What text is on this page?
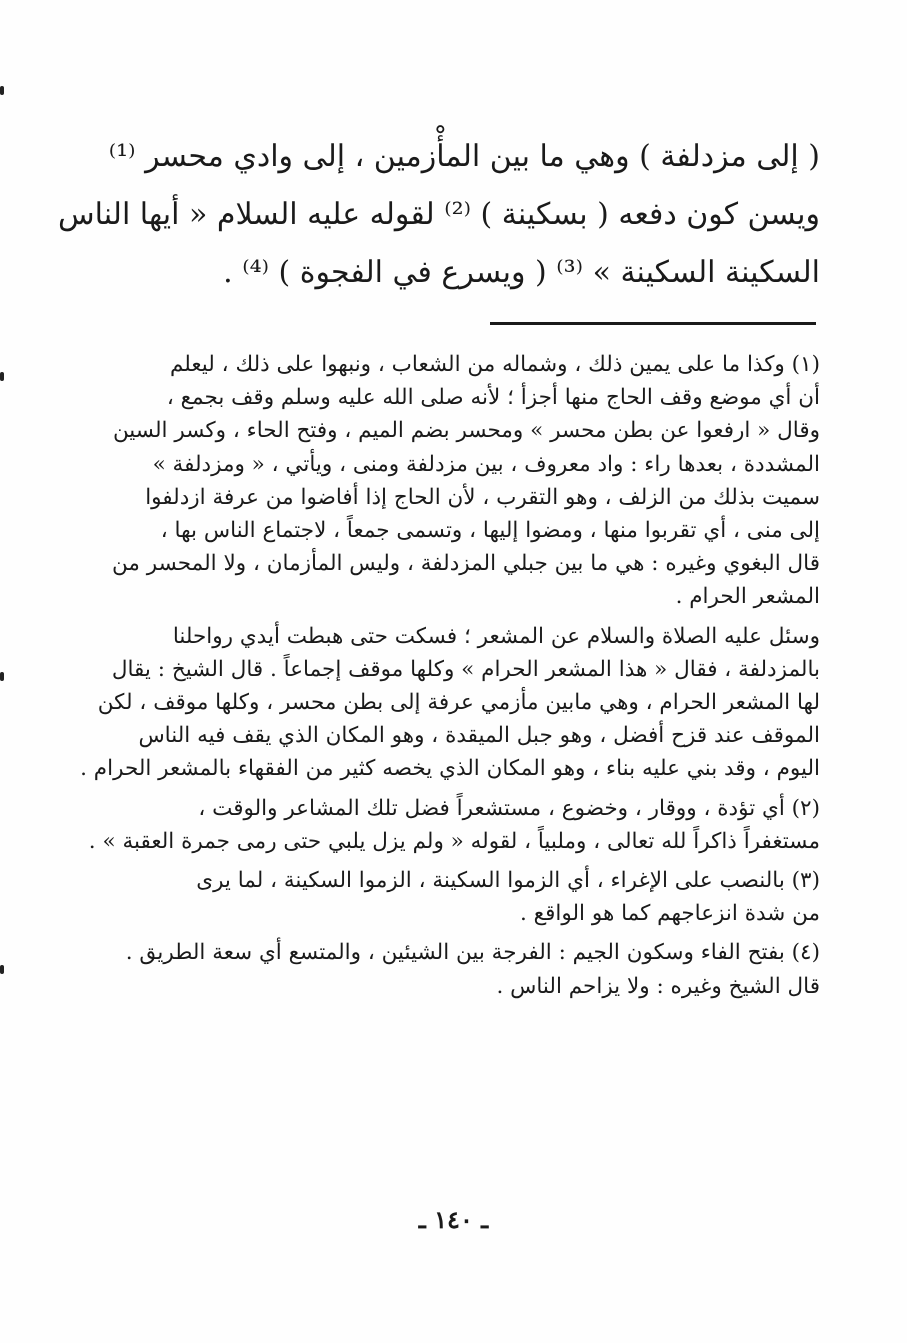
( إلى مزدلفة ) وهي ما بين المأْزمين ، إلى وادي محسر ⁽¹⁾
ويسن كون دفعه ( بسكينة ) ⁽²⁾ لقوله عليه السلام « أيها الناس
السكينة السكينة » ⁽³⁾ ( ويسرع في الفجوة ) ⁽⁴⁾ .
(١) وكذا ما على يمين ذلك ، وشماله من الشعاب ، ونبهوا على ذلك ، ليعلم
أن أي موضع وقف الحاج منها أجزأ ؛ لأنه صلى الله عليه وسلم وقف بجمع ،
وقال « ارفعوا عن بطن محسر » ومحسر بضم الميم ، وفتح الحاء ، وكسر السين
المشددة ، بعدها راء : واد معروف ، بين مزدلفة ومنى ، ويأتي ، « ومزدلفة »
سميت بذلك من الزلف ، وهو التقرب ، لأن الحاج إذا أفاضوا من عرفة ازدلفوا
إلى منى ، أي تقربوا منها ، ومضوا إليها ، وتسمى جمعاً ، لاجتماع الناس بها ،
قال البغوي وغيره : هي ما بين جبلي المزدلفة ، وليس المأزمان ، ولا المحسر من
المشعر الحرام .
وسئل عليه الصلاة والسلام عن المشعر ؛ فسكت حتى هبطت أيدي رواحلنا
بالمزدلفة ، فقال « هذا المشعر الحرام » وكلها موقف إجماعاً . قال الشيخ : يقال
لها المشعر الحرام ، وهي مابين مأزمي عرفة إلى بطن محسر ، وكلها موقف ، لكن
الموقف عند قزح أفضل ، وهو جبل الميقدة ، وهو المكان الذي يقف فيه الناس
اليوم ، وقد بني عليه بناء ، وهو المكان الذي يخصه كثير من الفقهاء بالمشعر الحرام .
(٢) أي تؤدة ، ووقار ، وخضوع ، مستشعراً فضل تلك المشاعر والوقت ،
مستغفراً ذاكراً لله تعالى ، وملبياً ، لقوله « ولم يزل يلبي حتى رمى جمرة العقبة » .
(٣) بالنصب على الإغراء ، أي الزموا السكينة ، الزموا السكينة ، لما يرى
من شدة انزعاجهم كما هو الواقع .
(٤) بفتح الفاء وسكون الجيم : الفرجة بين الشيئين ، والمتسع أي سعة الطريق .
قال الشيخ وغيره : ولا يزاحم الناس .
ـ ١٤٠ ـ
